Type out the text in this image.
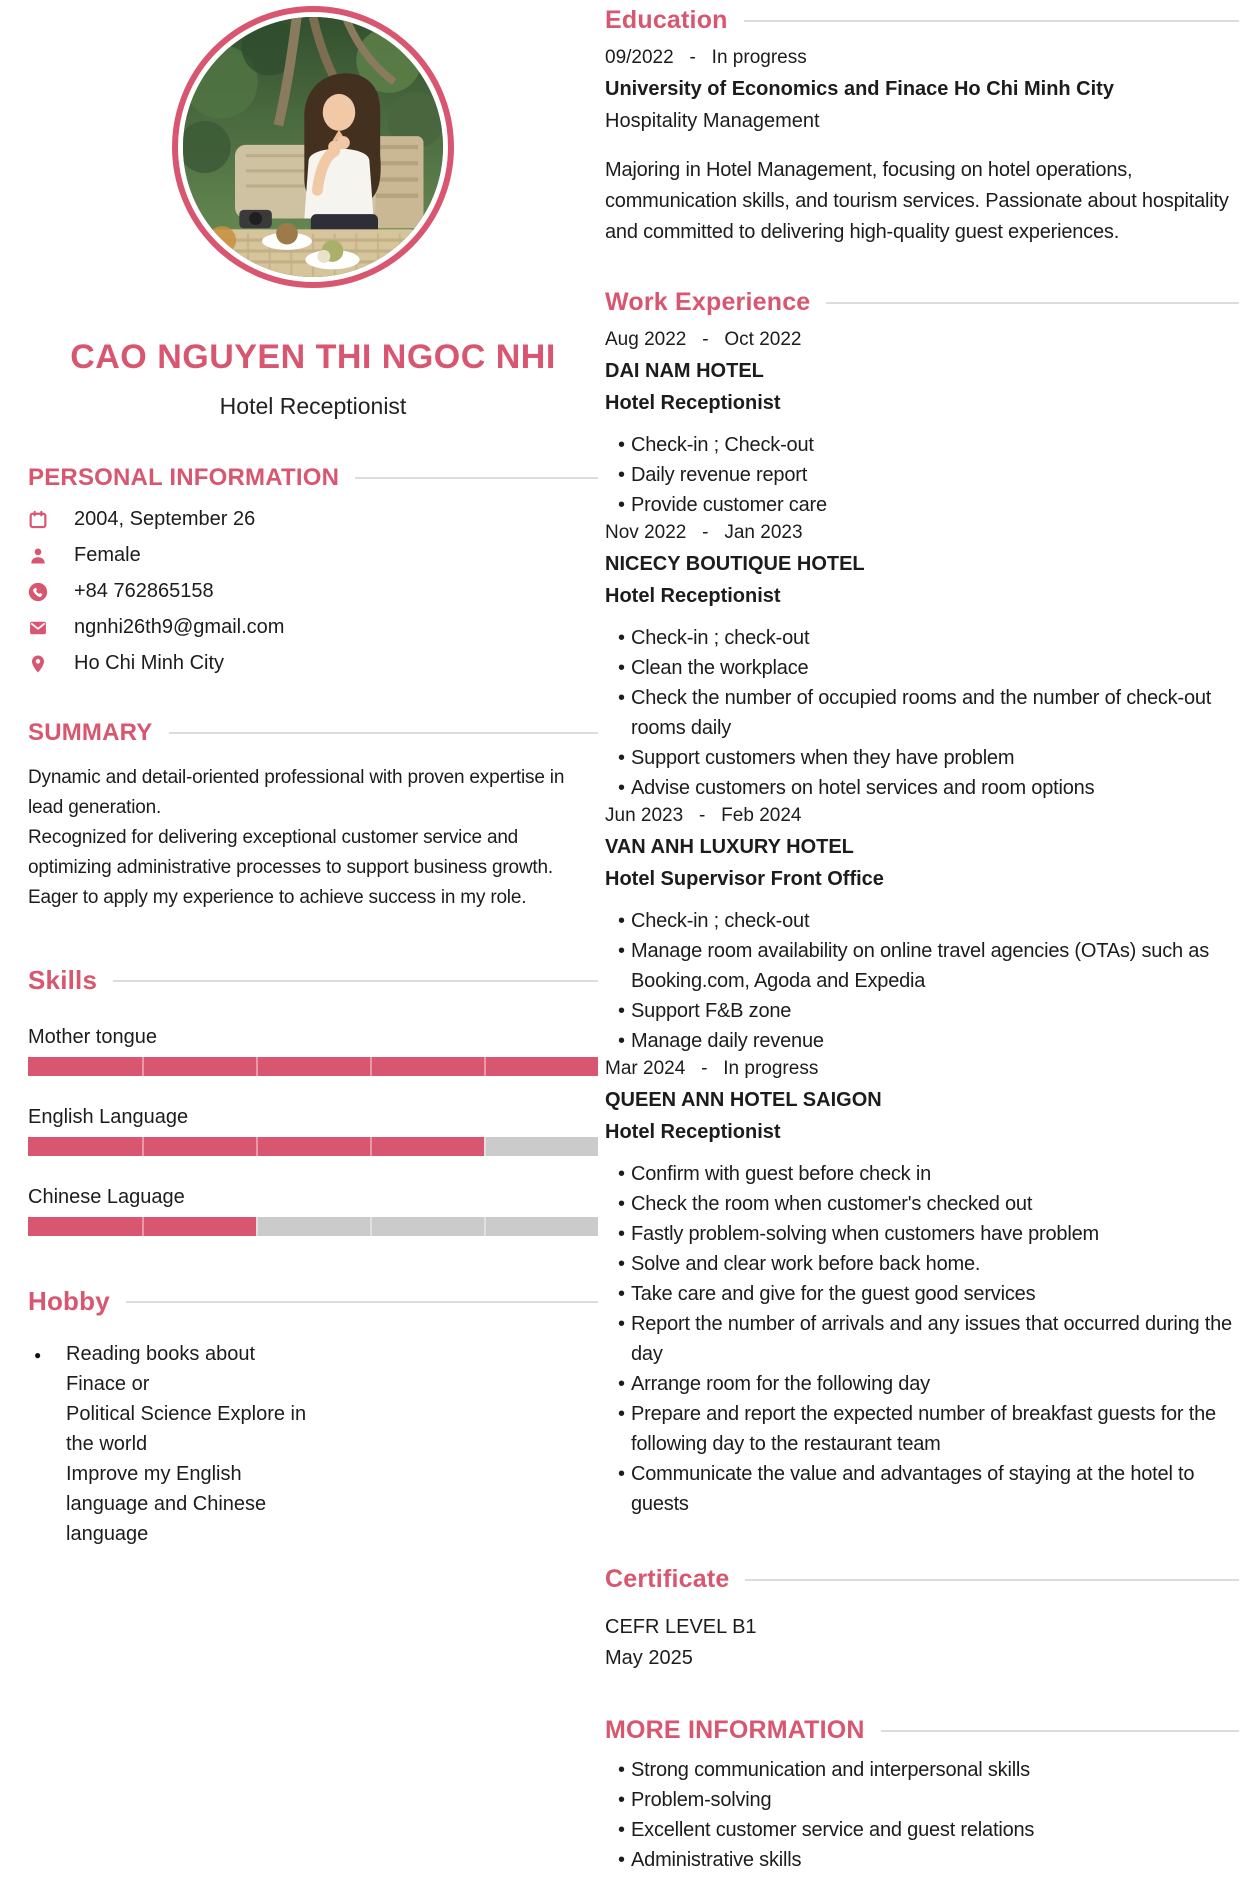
CAO NGUYEN THI NGOC NHI
Hotel Receptionist
PERSONAL INFORMATION
2004, September 26
Female
+84 762865158
ngnhi26th9@gmail.com
Ho Chi Minh City
SUMMARY
Dynamic and detail-oriented professional with proven expertise in lead generation.
Recognized for delivering exceptional customer service and optimizing administrative processes to support business growth.
Eager to apply my experience to achieve success in my role.
Skills
Mother tongue
English Language
Chinese Laguage
Hobby
● Reading books about
Finace or
Political Science Explore in
the world
Improve my English
language and Chinese
language
Education
09/2022   -   In progress
University of Economics and Finace Ho Chi Minh City
Hospitality Management
Majoring in Hotel Management, focusing on hotel operations, communication skills, and tourism services. Passionate about hospitality and committed to delivering high-quality guest experiences.
Work Experience
Aug 2022   -   Oct 2022
DAI NAM HOTEL
Hotel Receptionist
• Check-in ; Check-out
• Daily revenue report
• Provide customer care
Nov 2022   -   Jan 2023
NICECY BOUTIQUE HOTEL
Hotel Receptionist
• Check-in ; check-out
• Clean the workplace
• Check the number of occupied rooms and the number of check-out rooms daily
• Support customers when they have problem
• Advise customers on hotel services and room options
Jun 2023   -   Feb 2024
VAN ANH LUXURY HOTEL
Hotel Supervisor Front Office
• Check-in ; check-out
• Manage room availability on online travel agencies (OTAs) such as Booking.com, Agoda and Expedia
• Support F&B zone
• Manage daily revenue
Mar 2024   -   In progress
QUEEN ANN HOTEL SAIGON
Hotel Receptionist
• Confirm with guest before check in
• Check the room when customer's checked out
• Fastly problem-solving when customers have problem
• Solve and clear work before back home.
• Take care and give for the guest good services
• Report the number of arrivals and any issues that occurred during the day
• Arrange room for the following day
• Prepare and report the expected number of breakfast guests for the following day to the restaurant team
• Communicate the value and advantages of staying at the hotel to guests
Certificate
CEFR LEVEL B1
May 2025
MORE INFORMATION
• Strong communication and interpersonal skills
• Problem-solving
• Excellent customer service and guest relations
• Administrative skills
